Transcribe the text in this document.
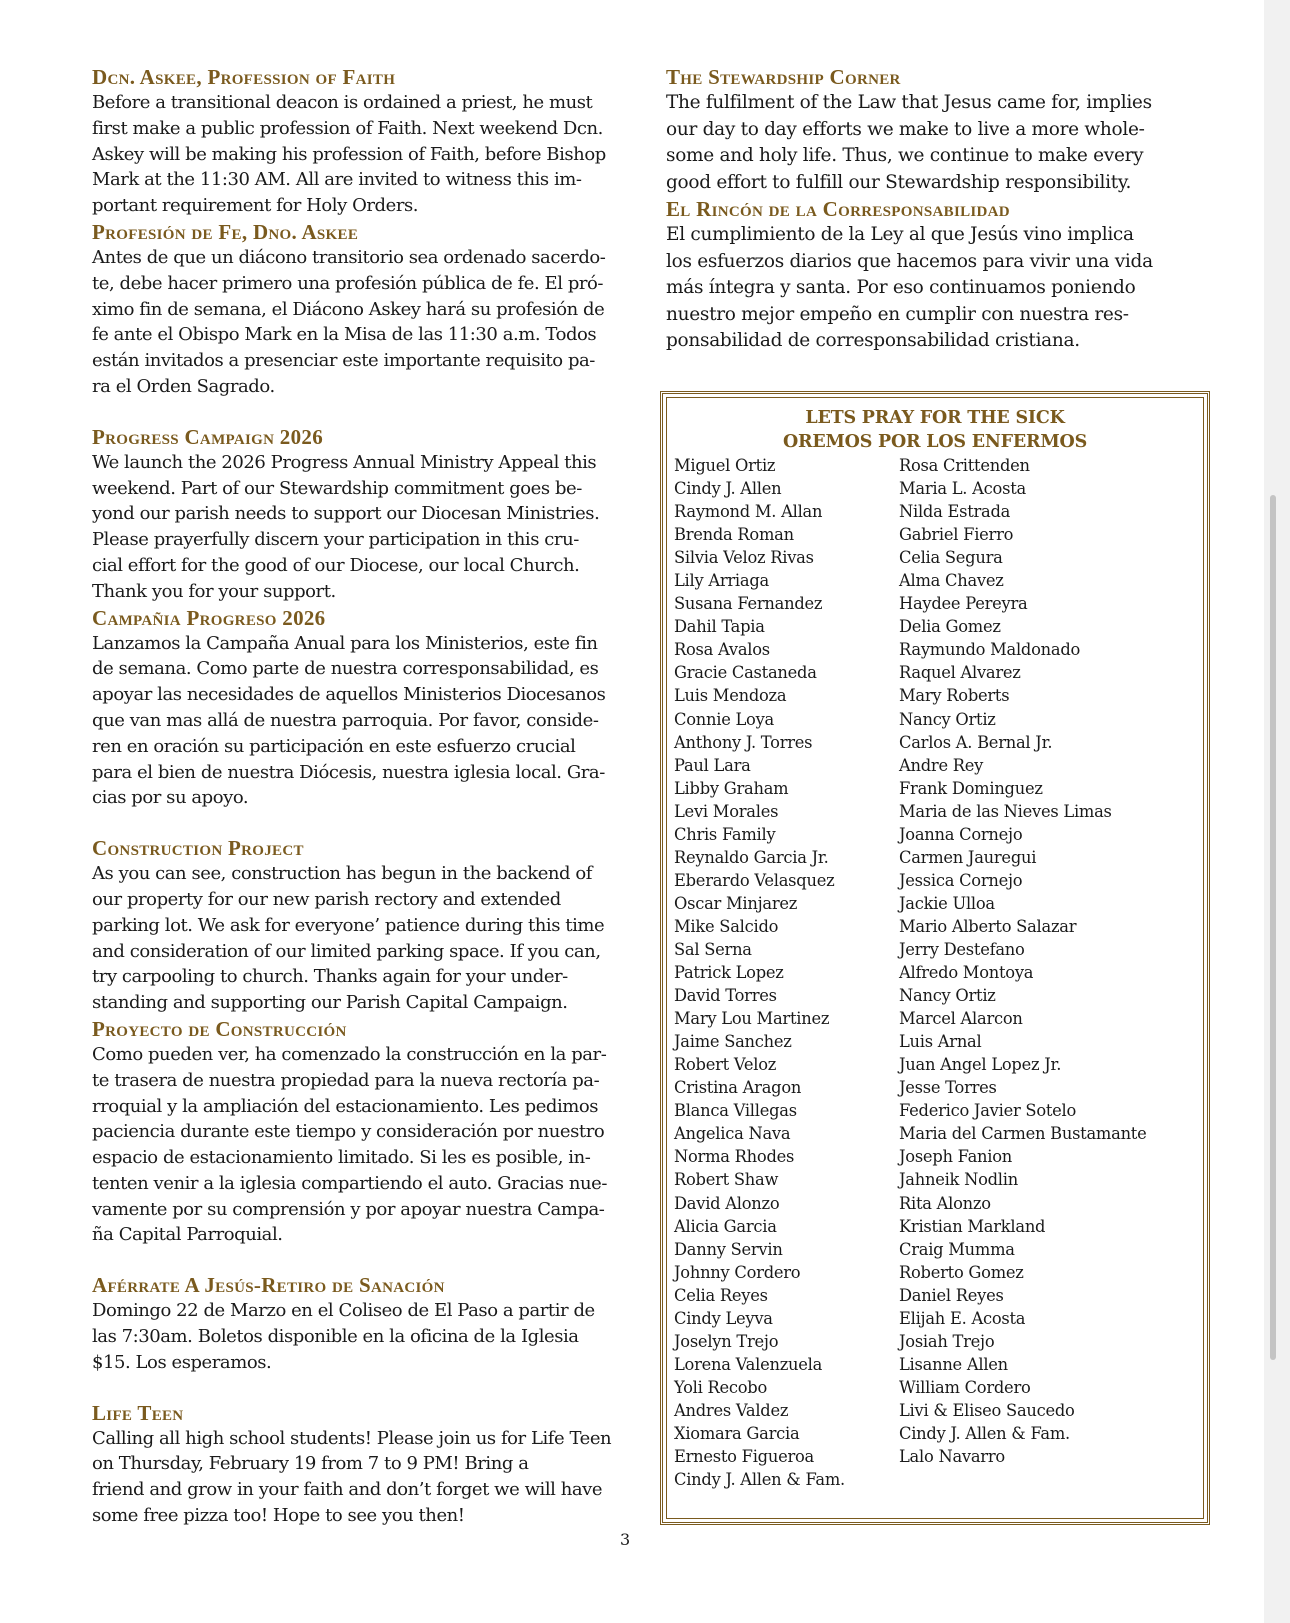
Dcn. Askee, Profession of Faith

Before a transitional deacon is ordained a priest, he must
first make a public profession of Faith. Next weekend Dcn.
Askey will be making his profession of Faith, before Bishop
Mark at the 11:30 AM. All are invited to witness this im-
portant requirement for Holy Orders.

Profesión de Fe, Dno. Askee

Antes de que un diácono transitorio sea ordenado sacerdo-
te, debe hacer primero una profesión pública de fe. El pró-
ximo fin de semana, el Diácono Askey hará su profesión de
fe ante el Obispo Mark en la Misa de las 11:30 a.m. Todos
están invitados a presenciar este importante requisito pa-
ra el Orden Sagrado.

Progress Campaign 2026

We launch the 2026 Progress Annual Ministry Appeal this
weekend. Part of our Stewardship commitment goes be-
yond our parish needs to support our Diocesan Ministries.
Please prayerfully discern your participation in this cru-
cial effort for the good of our Diocese, our local Church.
Thank you for your support.

Campañia Progreso 2026

Lanzamos la Campaña Anual para los Ministerios, este fin
de semana. Como parte de nuestra corresponsabilidad, es
apoyar las necesidades de aquellos Ministerios Diocesanos
que van mas allá de nuestra parroquia. Por favor, conside-
ren en oración su participación en este esfuerzo crucial
para el bien de nuestra Diócesis, nuestra iglesia local. Gra-
cias por su apoyo.

Construction Project

As you can see, construction has begun in the backend of
our property for our new parish rectory and extended
parking lot. We ask for everyone’ patience during this time
and consideration of our limited parking space. If you can,
try carpooling to church. Thanks again for your under-
standing and supporting our Parish Capital Campaign.

Proyecto de Construcción

Como pueden ver, ha comenzado la construcción en la par-
te trasera de nuestra propiedad para la nueva rectoría pa-
rroquial y la ampliación del estacionamiento. Les pedimos
paciencia durante este tiempo y consideración por nuestro
espacio de estacionamiento limitado. Si les es posible, in-
tenten venir a la iglesia compartiendo el auto. Gracias nue-
vamente por su comprensión y por apoyar nuestra Campa-
ña Capital Parroquial.

Aférrate A Jesús-Retiro de Sanación

Domingo 22 de Marzo en el Coliseo de El Paso a partir de
las 7:30am. Boletos disponible en la oficina de la Iglesia
$15. Los esperamos.

Life Teen

Calling all high school students! Please join us for Life Teen
on Thursday, February 19 from 7 to 9 PM! Bring a
friend and grow in your faith and don’t forget we will have
some free pizza too! Hope to see you then!

The Stewardship Corner

The fulfilment of the Law that Jesus came for, implies
our day to day efforts we make to live a more whole-
some and holy life. Thus, we continue to make every
good effort to fulfill our Stewardship responsibility.

El Rincón de la Corresponsabilidad

El cumplimiento de la Ley al que Jesús vino implica
los esfuerzos diarios que hacemos para vivir una vida
más íntegra y santa. Por eso continuamos poniendo
nuestro mejor empeño en cumplir con nuestra res-
ponsabilidad de corresponsabilidad cristiana.

LETS PRAY FOR THE SICK
OREMOS POR LOS ENFERMOS
Miguel Ortiz
Cindy J. Allen
Raymond M. Allan
Brenda Roman
Silvia Veloz Rivas
Lily Arriaga
Susana Fernandez
Dahil Tapia
Rosa Avalos
Gracie Castaneda
Luis Mendoza
Connie Loya
Anthony J. Torres
Paul Lara
Libby Graham
Levi Morales
Chris Family
Reynaldo Garcia Jr.
Eberardo Velasquez
Oscar Minjarez
Mike Salcido
Sal Serna
Patrick Lopez
David Torres
Mary Lou Martinez
Jaime Sanchez
Robert Veloz
Cristina Aragon
Blanca Villegas
Angelica Nava
Norma Rhodes
Robert Shaw
David Alonzo
Alicia Garcia
Danny Servin
Johnny Cordero
Celia Reyes
Cindy Leyva
Joselyn Trejo
Lorena Valenzuela
Yoli Recobo
Andres Valdez
Xiomara Garcia
Ernesto Figueroa
Cindy J. Allen & Fam.
Rosa Crittenden
Maria L. Acosta
Nilda Estrada
Gabriel Fierro
Celia Segura
Alma Chavez
Haydee Pereyra
Delia Gomez
Raymundo Maldonado
Raquel Alvarez
Mary Roberts
Nancy Ortiz
Carlos A. Bernal Jr.
Andre Rey
Frank Dominguez
Maria de las Nieves Limas
Joanna Cornejo
Carmen Jauregui
Jessica Cornejo
Jackie Ulloa
Mario Alberto Salazar
Jerry Destefano
Alfredo Montoya
Nancy Ortiz
Marcel Alarcon
Luis Arnal
Juan Angel Lopez Jr.
Jesse Torres
Federico Javier Sotelo
Maria del Carmen Bustamante
Joseph Fanion
Jahneik Nodlin
Rita Alonzo
Kristian Markland
Craig Mumma
Roberto Gomez
Daniel Reyes
Elijah E. Acosta
Josiah Trejo
Lisanne Allen
William Cordero
Livi & Eliseo Saucedo
Cindy J. Allen & Fam.
Lalo Navarro
3
